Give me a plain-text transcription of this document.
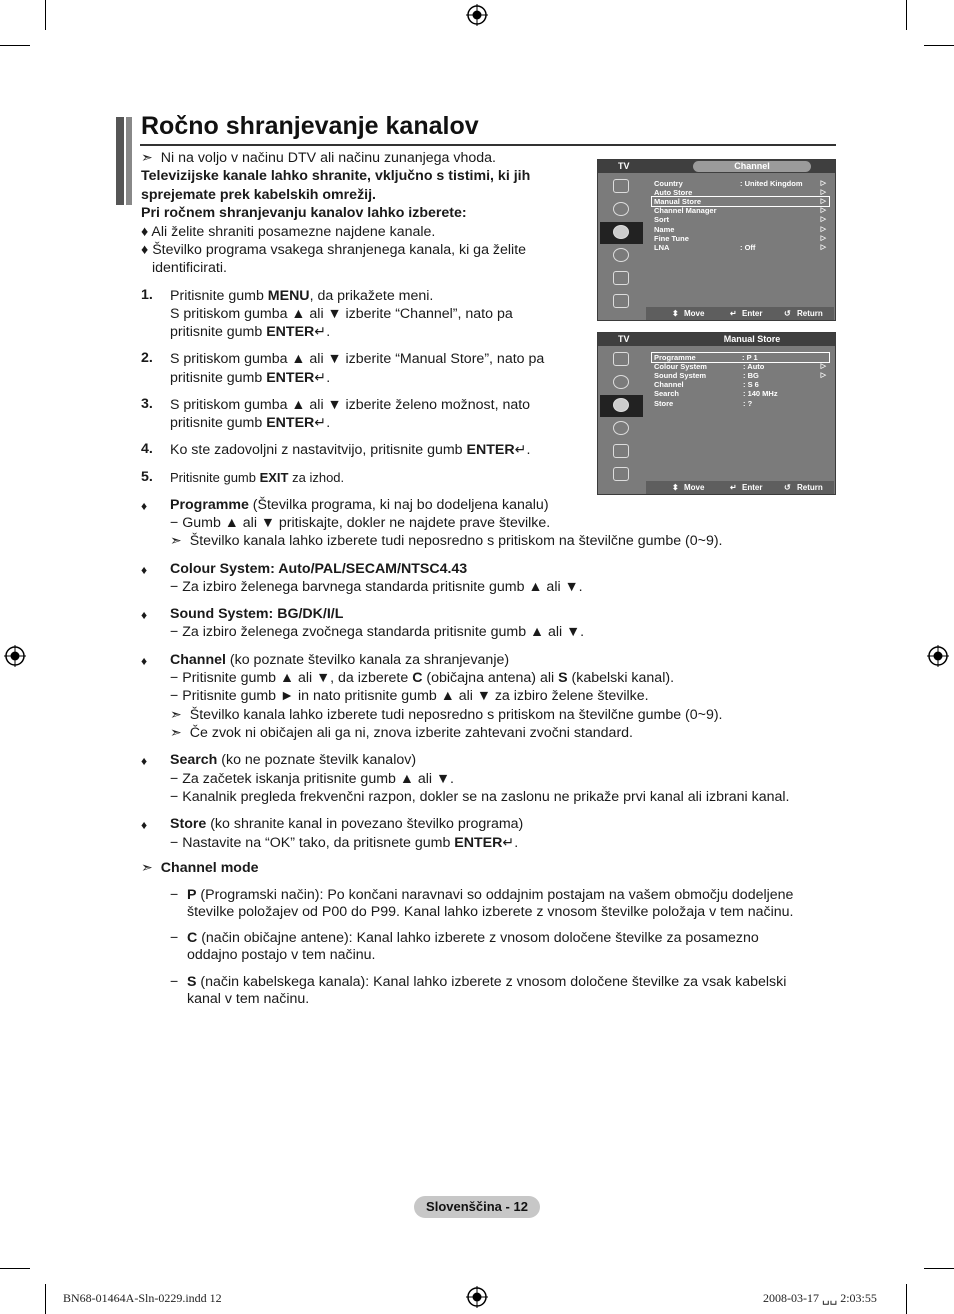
Ročno shranjevanje kanalov
➣ Ni na voljo v načinu DTV ali načinu zunanjega vhoda.
Televizijske kanale lahko shranite, vključno s tistimi, ki jih
sprejemate prek kabelskih omrežij.
Pri ročnem shranjevanju kanalov lahko izberete:
♦ Ali želite shraniti posamezne najdene kanale.
♦ Številko programa vsakega shranjenega kanala, ki ga želite
identificirati.
1. Pritisnite gumb MENU, da prikažete meni.
S pritiskom gumba ▲ ali ▼ izberite “Channel”, nato pa
pritisnite gumb ENTER↵.
2. S pritiskom gumba ▲ ali ▼ izberite “Manual Store”, nato pa
pritisnite gumb ENTER↵.
3. S pritiskom gumba ▲ ali ▼ izberite želeno možnost, nato
pritisnite gumb ENTER↵.
4. Ko ste zadovoljni z nastavitvijo, pritisnite gumb ENTER↵.
5. Pritisnite gumb EXIT za izhod.
♦ Programme (Številka programa, ki naj bo dodeljena kanalu)
− Gumb ▲ ali ▼ pritiskajte, dokler ne najdete prave številke.
➣ Številko kanala lahko izberete tudi neposredno s pritiskom na številčne gumbe (0~9).
♦ Colour System: Auto/PAL/SECAM/NTSC4.43
− Za izbiro želenega barvnega standarda pritisnite gumb ▲ ali ▼.
♦ Sound System: BG/DK/I/L
− Za izbiro želenega zvočnega standarda pritisnite gumb ▲ ali ▼.
♦ Channel (ko poznate številko kanala za shranjevanje)
− Pritisnite gumb ▲ ali ▼, da izberete C (običajna antena) ali S (kabelski kanal).
− Pritisnite gumb ► in nato pritisnite gumb ▲ ali ▼ za izbiro želene številke.
➣ Številko kanala lahko izberete tudi neposredno s pritiskom na številčne gumbe (0~9).
➣ Če zvok ni običajen ali ga ni, znova izberite zahtevani zvočni standard.
♦ Search (ko ne poznate številk kanalov)
− Za začetek iskanja pritisnite gumb ▲ ali ▼.
− Kanalnik pregleda frekvenčni razpon, dokler se na zaslonu ne prikaže prvi kanal ali izbrani kanal.
♦ Store (ko shranite kanal in povezano številko programa)
− Nastavite na “OK” tako, da pritisnete gumb ENTER↵.
➣ Channel mode
− P (Programski način): Po končani naravnavi so oddajnim postajam na vašem območju dodeljene
številke položajev od P00 do P99. Kanal lahko izberete z vnosom številke položaja v tem načinu.
− C (način običajne antene): Kanal lahko izberete z vnosom določene številke za posamezno
oddajno postajo v tem načinu.
− S (način kabelskega kanala): Kanal lahko izberete z vnosom določene številke za vsak kabelski
kanal v tem načinu.
TV	Channel
Country	: United Kingdom	▷
Auto Store	▷
Manual Store	▷
Channel Manager	▷
Sort	▷
Name	▷
Fine Tune	▷
LNA	: Off	▷
⬍ Move	↵ Enter	↺ Return
TV	Manual Store
Programme	: P 1
Colour System	: Auto	▷
Sound System	: BG	▷
Channel	: S 6
Search	: 140 MHz
Store	: ?
⬍ Move	↵ Enter	↺ Return
Slovenščina - 12
BN68-01464A-Sln-0229.indd 12	2008-03-17 ␣␣ 2:03:55
